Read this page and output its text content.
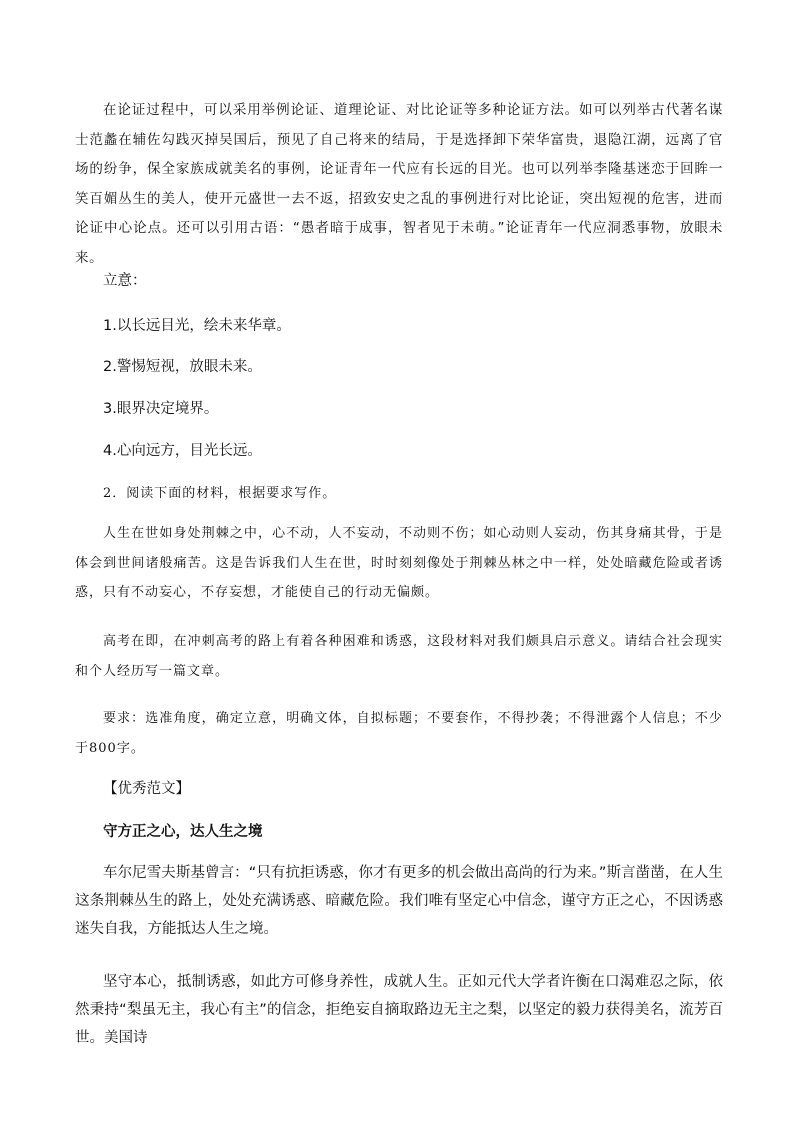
在论证过程中，可以采用举例论证、道理论证、对比论证等多种论证方法。如可以列举古代著名谋士范蠡在辅佐勾践灭掉吴国后，预见了自己将来的结局，于是选择卸下荣华富贵，退隐江湖，远离了官场的纷争，保全家族成就美名的事例，论证青年一代应有长远的目光。也可以列举李隆基迷恋于回眸一笑百媚丛生的美人，使开元盛世一去不返，招致安史之乱的事例进行对比论证，突出短视的危害，进而论证中心论点。还可以引用古语：“愚者暗于成事，智者见于未萌。”论证青年一代应洞悉事物，放眼未来。

立意：

1.以长远目光，绘未来华章。

2.警惕短视，放眼未来。

3.眼界决定境界。

4.心向远方，目光长远。

2．阅读下面的材料，根据要求写作。

人生在世如身处荆棘之中，心不动，人不妄动，不动则不伤；如心动则人妄动，伤其身痛其骨，于是体会到世间诸般痛苦。这是告诉我们人生在世，时时刻刻像处于荆棘丛林之中一样，处处暗藏危险或者诱惑，只有不动妄心，不存妄想，才能使自己的行动无偏颇。

高考在即，在冲刺高考的路上有着各种困难和诱惑，这段材料对我们颇具启示意义。请结合社会现实和个人经历写一篇文章。

要求：选准角度，确定立意，明确文体，自拟标题；不要套作，不得抄袭；不得泄露个人信息；不少于800字。

【优秀范文】

守方正之心，达人生之境

车尔尼雪夫斯基曾言：“只有抗拒诱惑，你才有更多的机会做出高尚的行为来。”斯言凿凿，在人生这条荆棘丛生的路上，处处充满诱惑、暗藏危险。我们唯有坚定心中信念，谨守方正之心，不因诱惑迷失自我，方能抵达人生之境。

坚守本心，抵制诱惑，如此方可修身养性，成就人生。正如元代大学者许衡在口渴难忍之际，依然秉持“梨虽无主，我心有主”的信念，拒绝妄自摘取路边无主之梨，以坚定的毅力获得美名，流芳百世。美国诗
